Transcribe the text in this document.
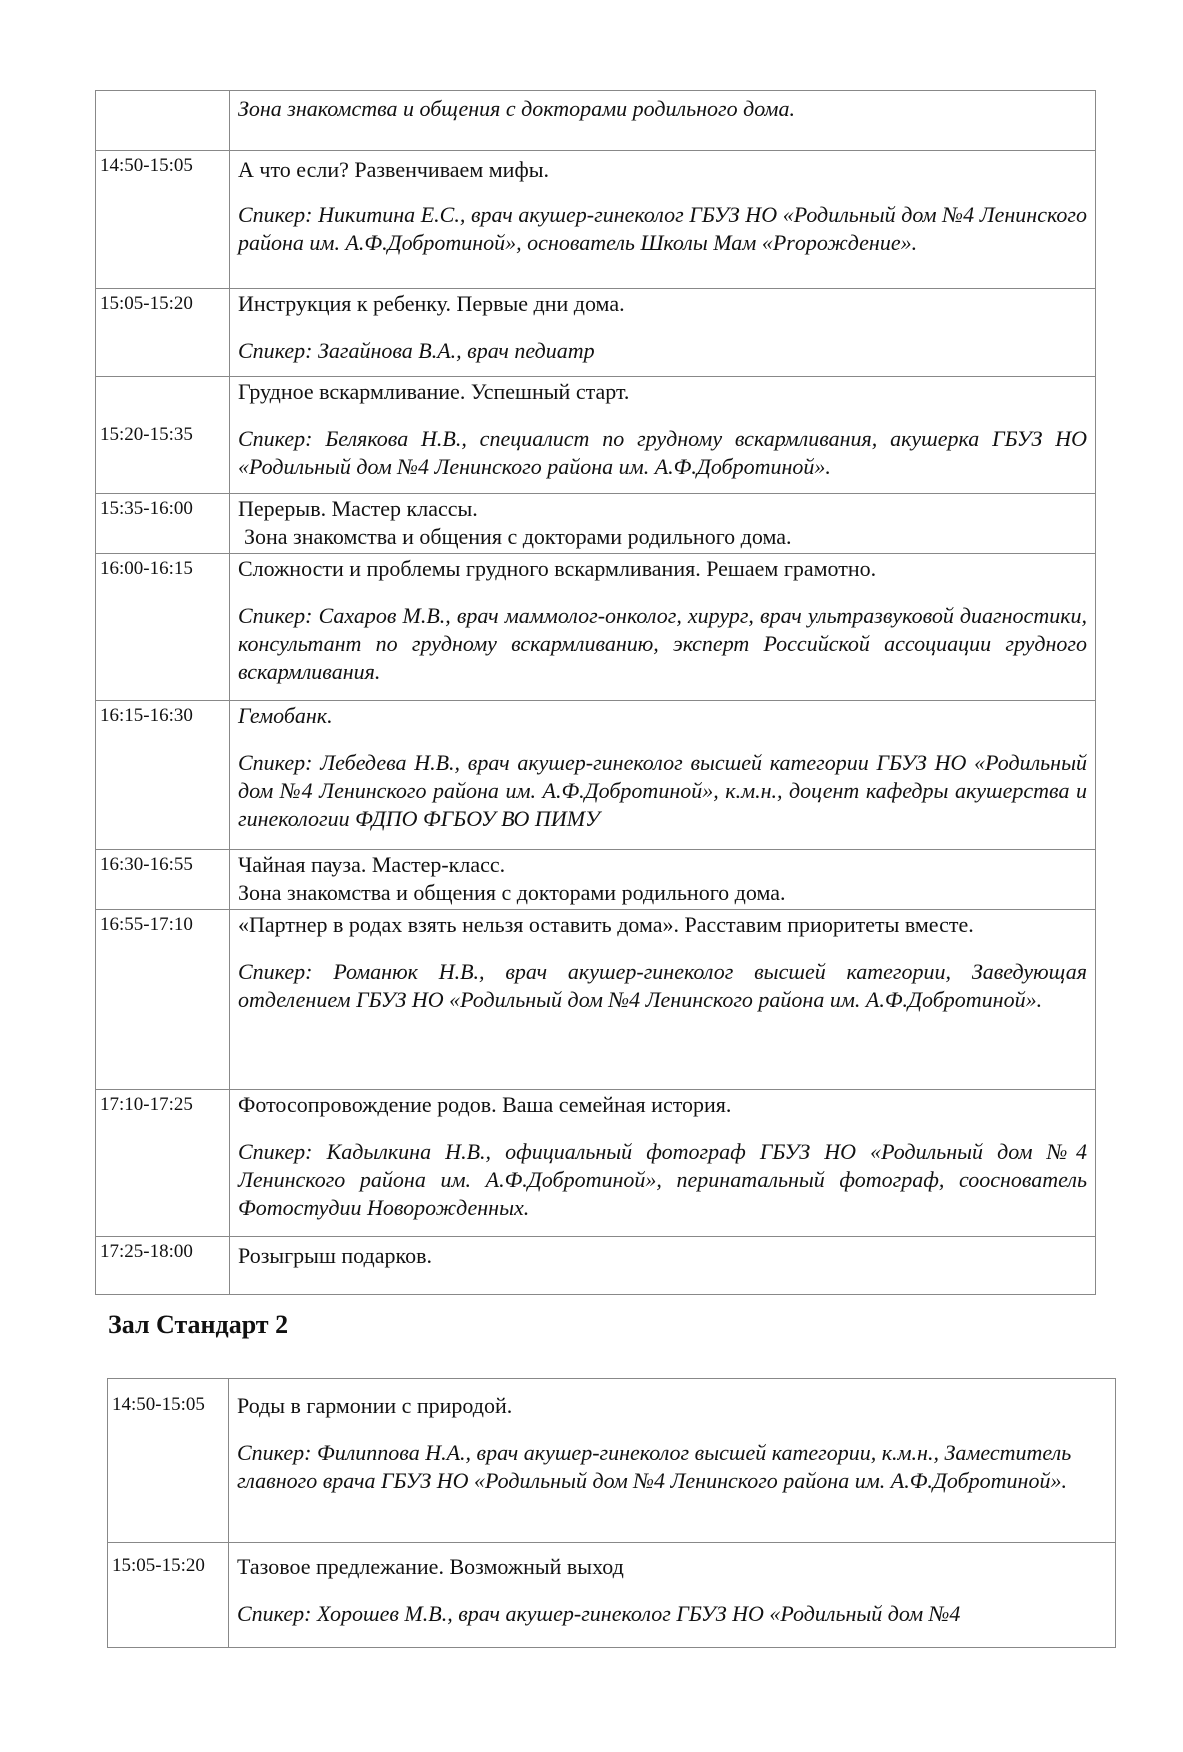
	Зона знакомства и общения с докторами родильного дома.

14:50-15:05	А что если? Развенчиваем мифы.
Спикер: Никитина Е.С., врач акушер-гинеколог ГБУЗ НО «Родильный дом №4 Ленинского района им. А.Ф.Добротиной», основатель Школы Мам «Prорождение».

15:05-15:20	Инструкция к ребенку. Первые дни дома.
Спикер: Загайнова В.А., врач педиатр

15:20-15:35	Грудное вскармливание. Успешный старт.
Спикер: Белякова Н.В., специалист по грудному вскармливания, акушерка ГБУЗ НО «Родильный дом №4 Ленинского района им. А.Ф.Добротиной».

15:35-16:00	Перерыв. Мастер классы.
Зона знакомства и общения с докторами родильного дома.

16:00-16:15	Сложности и проблемы грудного вскармливания. Решаем грамотно.
Спикер: Сахаров М.В., врач маммолог-онколог, хирург, врач ультразвуковой диагностики, консультант по грудному вскармливанию, эксперт Российской ассоциации грудного вскармливания.

16:15-16:30	Гемобанк.
Спикер: Лебедева Н.В., врач акушер-гинеколог высшей категории ГБУЗ НО «Родильный дом №4 Ленинского района им. А.Ф.Добротиной», к.м.н., доцент кафедры акушерства и гинекологии ФДПО ФГБОУ ВО ПИМУ

16:30-16:55	Чайная пауза. Мастер-класс.
Зона знакомства и общения с докторами родильного дома.

16:55-17:10	«Партнер в родах взять нельзя оставить дома». Расставим приоритеты вместе.
Спикер: Романюк Н.В., врач акушер-гинеколог высшей категории, Заведующая отделением ГБУЗ НО «Родильный дом №4 Ленинского района им. А.Ф.Добротиной».

17:10-17:25	Фотосопровождение родов. Ваша семейная история.
Спикер: Кадылкина Н.В., официальный фотограф ГБУЗ НО «Родильный дом №4 Ленинского района им. А.Ф.Добротиной», перинатальный фотограф, сооснователь Фотостудии Новорожденных.

17:25-18:00	Розыгрыш подарков.
Зал Стандарт 2
14:50-15:05	Роды в гармонии с природой.
Спикер: Филиппова Н.А., врач акушер-гинеколог высшей категории, к.м.н., Заместитель главного врача ГБУЗ НО «Родильный дом №4 Ленинского района им. А.Ф.Добротиной».

15:05-15:20	Тазовое предлежание. Возможный выход
Спикер: Хорошев М.В., врач акушер-гинеколог ГБУЗ НО «Родильный дом №4
